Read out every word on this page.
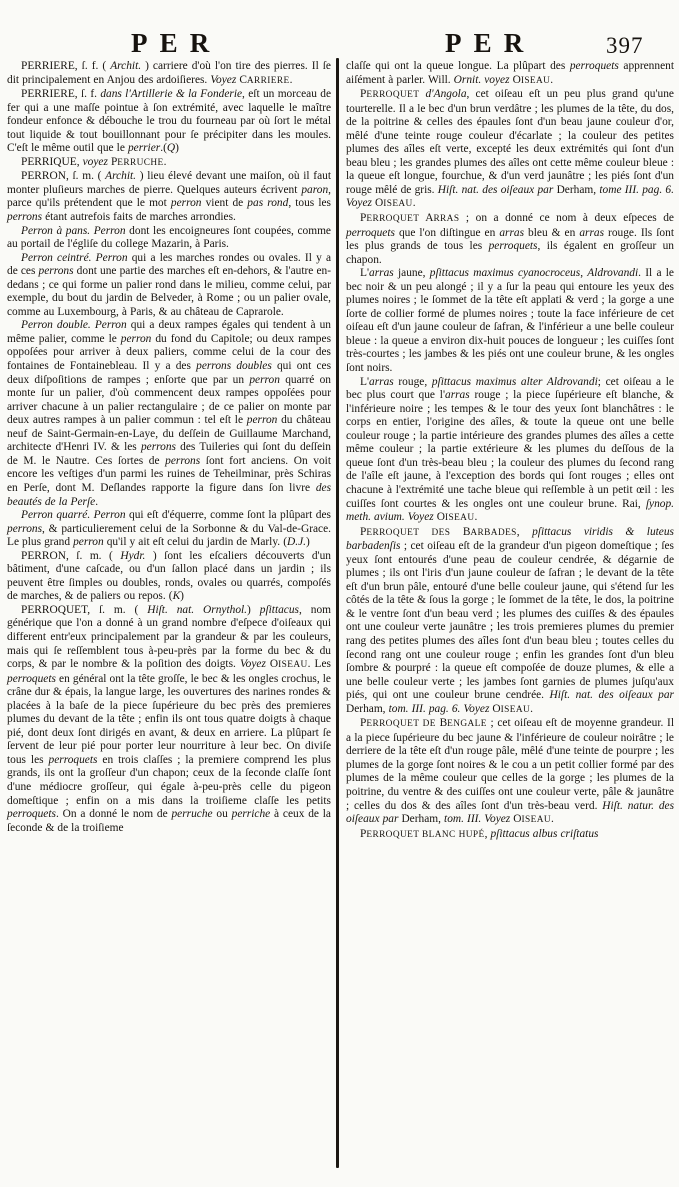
PER	PER	397

PERRIERE, ſ. f. ( Archit. ) carriere d'où l'on tire des pierres. Il ſe dit principalement en Anjou des ardoiſieres. Voyez CARRIERE.

PERRIERE, ſ. f. dans l'Artillerie & la Fonderie, eſt un morceau de fer qui a une maſſe pointue à ſon extrémité, avec laquelle le maître fondeur enfonce & débouche le trou du fourneau par où ſort le métal tout liquide & tout bouillonnant pour ſe précipiter dans les moules. C'eſt le même outil que le perrier.(Q)

PERRIQUE, voyez PERRUCHE.

PERRON, ſ. m. ( Archit. ) lieu élevé devant une maiſon, où il faut monter pluſieurs marches de pierre. Quelques auteurs écrivent paron, parce qu'ils prétendent que le mot perron vient de pas rond, tous les perrons étant autrefois faits de marches arrondies.

Perron à pans. Perron dont les encoigneures ſont coupées, comme au portail de l'égliſe du college Mazarin, à Paris.

Perron ceintré. Perron qui a les marches rondes ou ovales. Il y a de ces perrons dont une partie des marches eſt en-dehors, & l'autre en-dedans ; ce qui forme un palier rond dans le milieu, comme celui, par exemple, du bout du jardin de Belveder, à Rome ; ou un palier ovale, comme au Luxembourg, à Paris, & au château de Caprarole.

Perron double. Perron qui a deux rampes égales qui tendent à un même palier, comme le perron du fond du Capitole; ou deux rampes oppoſées pour arriver à deux paliers, comme celui de la cour des fontaines de Fontainebleau. Il y a des perrons doubles qui ont ces deux diſpoſitions de rampes ; enſorte que par un perron quarré on monte ſur un palier, d'où commencent deux rampes oppoſées pour arriver chacune à un palier rectangulaire ; de ce palier on monte par deux autres rampes à un palier commun : tel eſt le perron du château neuf de Saint-Germain-en-Laye, du deſſein de Guillaume Marchand, architecte d'Henri IV. & les perrons des Tuileries qui ſont du deſſein de M. le Nautre. Ces ſortes de perrons ſont fort anciens. On voit encore les veſtiges d'un parmi les ruines de Teheilminar, près Schiras en Perſe, dont M. Deſlandes rapporte la figure dans ſon livre des beautés de la Perſe.

Perron quarré. Perron qui eſt d'équerre, comme ſont la plûpart des perrons, & particulierement celui de la Sorbonne & du Val-de-Grace. Le plus grand perron qu'il y ait eſt celui du jardin de Marly. (D.J.)

PERRON, ſ. m. ( Hydr. ) ſont les eſcaliers découverts d'un bâtiment, d'une caſcade, ou d'un ſallon placé dans un jardin ; ils peuvent être ſimples ou doubles, ronds, ovales ou quarrés, compoſés de marches, & de paliers ou repos. (K)

PERROQUET, ſ. m. ( Hiſt. nat. Ornythol.) pſittacus, nom générique que l'on a donné à un grand nombre d'eſpece d'oiſeaux qui different entr'eux principalement par la grandeur & par les couleurs, mais qui ſe reſſemblent tous à-peu-près par la forme du bec & du corps, & par le nombre & la poſition des doigts. Voyez OISEAU. Les perroquets en général ont la tête groſſe, le bec & les ongles crochus, le crâne dur & épais, la langue large, les ouvertures des narines rondes & placées à la baſe de la piece ſupérieure du bec près des premieres plumes du devant de la tête ; enfin ils ont tous quatre doigts à chaque pié, dont deux ſont dirigés en avant, & deux en arriere. La plûpart ſe ſervent de leur pié pour porter leur nourriture à leur bec. On diviſe tous les perroquets en trois claſſes ; la premiere comprend les plus grands, ils ont la groſſeur d'un chapon; ceux de la ſeconde claſſe ſont d'une médiocre groſſeur, qui égale à-peu-près celle du pigeon domeſtique ; enfin on a mis dans la troiſieme claſſe les petits perroquets. On a donné le nom de perruche ou perriche à ceux de la ſeconde & de la troiſieme

claſſe qui ont la queue longue. La plûpart des perroquets apprennent aiſément à parler. Will. Ornit. voyez OISEAU.

PERROQUET d'Angola, cet oiſeau eſt un peu plus grand qu'une tourterelle. Il a le bec d'un brun verdâtre ; les plumes de la tête, du dos, de la poitrine & celles des épaules ſont d'un beau jaune couleur d'or, mêlé d'une teinte rouge couleur d'écarlate ; la couleur des petites plumes des aîles eſt verte, excepté les deux extrémités qui ſont d'un beau bleu ; les grandes plumes des aîles ont cette même couleur bleue : la queue eſt longue, fourchue, & d'un verd jaunâtre ; les piés ſont d'un rouge mêlé de gris. Hiſt. nat. des oiſeaux par Derham, tome III. pag. 6. Voyez OISEAU.

PERROQUET ARRAS ; on a donné ce nom à deux eſpeces de perroquets que l'on diſtingue en arras bleu & en arras rouge. Ils ſont les plus grands de tous les perroquets, ils égalent en groſſeur un chapon.

L'arras jaune, pſittacus maximus cyanocroceus, Aldrovandi. Il a le bec noir & un peu alongé ; il y a ſur la peau qui entoure les yeux des plumes noires ; le ſommet de la tête eſt applati & verd ; la gorge a une ſorte de collier formé de plumes noires ; toute la face inférieure de cet oiſeau eſt d'un jaune couleur de ſafran, & l'inférieur a une belle couleur bleue : la queue a environ dix-huit pouces de longueur ; les cuiſſes ſont très-courtes ; les jambes & les piés ont une couleur brune, & les ongles ſont noirs.

L'arras rouge, pſittacus maximus alter Aldrovandi; cet oiſeau a le bec plus court que l'arras rouge ; la piece ſupérieure eſt blanche, & l'inférieure noire ; les tempes & le tour des yeux ſont blanchâtres : le corps en entier, l'origine des aîles, & toute la queue ont une belle couleur rouge ; la partie intérieure des grandes plumes des aîles a cette même couleur ; la partie extérieure & les plumes du deſſous de la queue ſont d'un très-beau bleu ; la couleur des plumes du ſecond rang de l'aîle eſt jaune, à l'exception des bords qui ſont rouges ; elles ont chacune à l'extrémité une tache bleue qui reſſemble à un petit œil : les cuiſſes ſont courtes & les ongles ont une couleur brune. Rai, ſynop. meth. avium. Voyez OISEAU.

PERROQUET DES BARBADES, pſittacus viridis & luteus barbadenſis ; cet oiſeau eſt de la grandeur d'un pigeon domeſtique ; ſes yeux ſont entourés d'une peau de couleur cendrée, & dégarnie de plumes ; ils ont l'iris d'un jaune couleur de ſafran ; le devant de la tête eſt d'un brun pâle, entouré d'une belle couleur jaune, qui s'étend ſur les côtés de la tête & ſous la gorge ; le ſommet de la tête, le dos, la poitrine & le ventre ſont d'un beau verd ; les plumes des cuiſſes & des épaules ont une couleur verte jaunâtre ; les trois premieres plumes du premier rang des petites plumes des aîles ſont d'un beau bleu ; toutes celles du ſecond rang ont une couleur rouge ; enfin les grandes ſont d'un bleu ſombre & pourpré : la queue eſt compoſée de douze plumes, & elle a une belle couleur verte ; les jambes ſont garnies de plumes juſqu'aux piés, qui ont une couleur brune cendrée. Hiſt. nat. des oiſeaux par Derham, tom. III. pag. 6. Voyez OISEAU.

PERROQUET DE BENGALE ; cet oiſeau eſt de moyenne grandeur. Il a la piece ſupérieure du bec jaune & l'inférieure de couleur noirâtre ; le derriere de la tête eſt d'un rouge pâle, mêlé d'une teinte de pourpre ; les plumes de la gorge ſont noires & le cou a un petit collier formé par des plumes de la même couleur que celles de la gorge ; les plumes de la poitrine, du ventre & des cuiſſes ont une couleur verte, pâle & jaunâtre ; celles du dos & des aîles ſont d'un très-beau verd. Hiſt. natur. des oiſeaux par Derham, tom. III. Voyez OISEAU.

PERROQUET BLANC HUPÉ, pſittacus albus criſtatus
